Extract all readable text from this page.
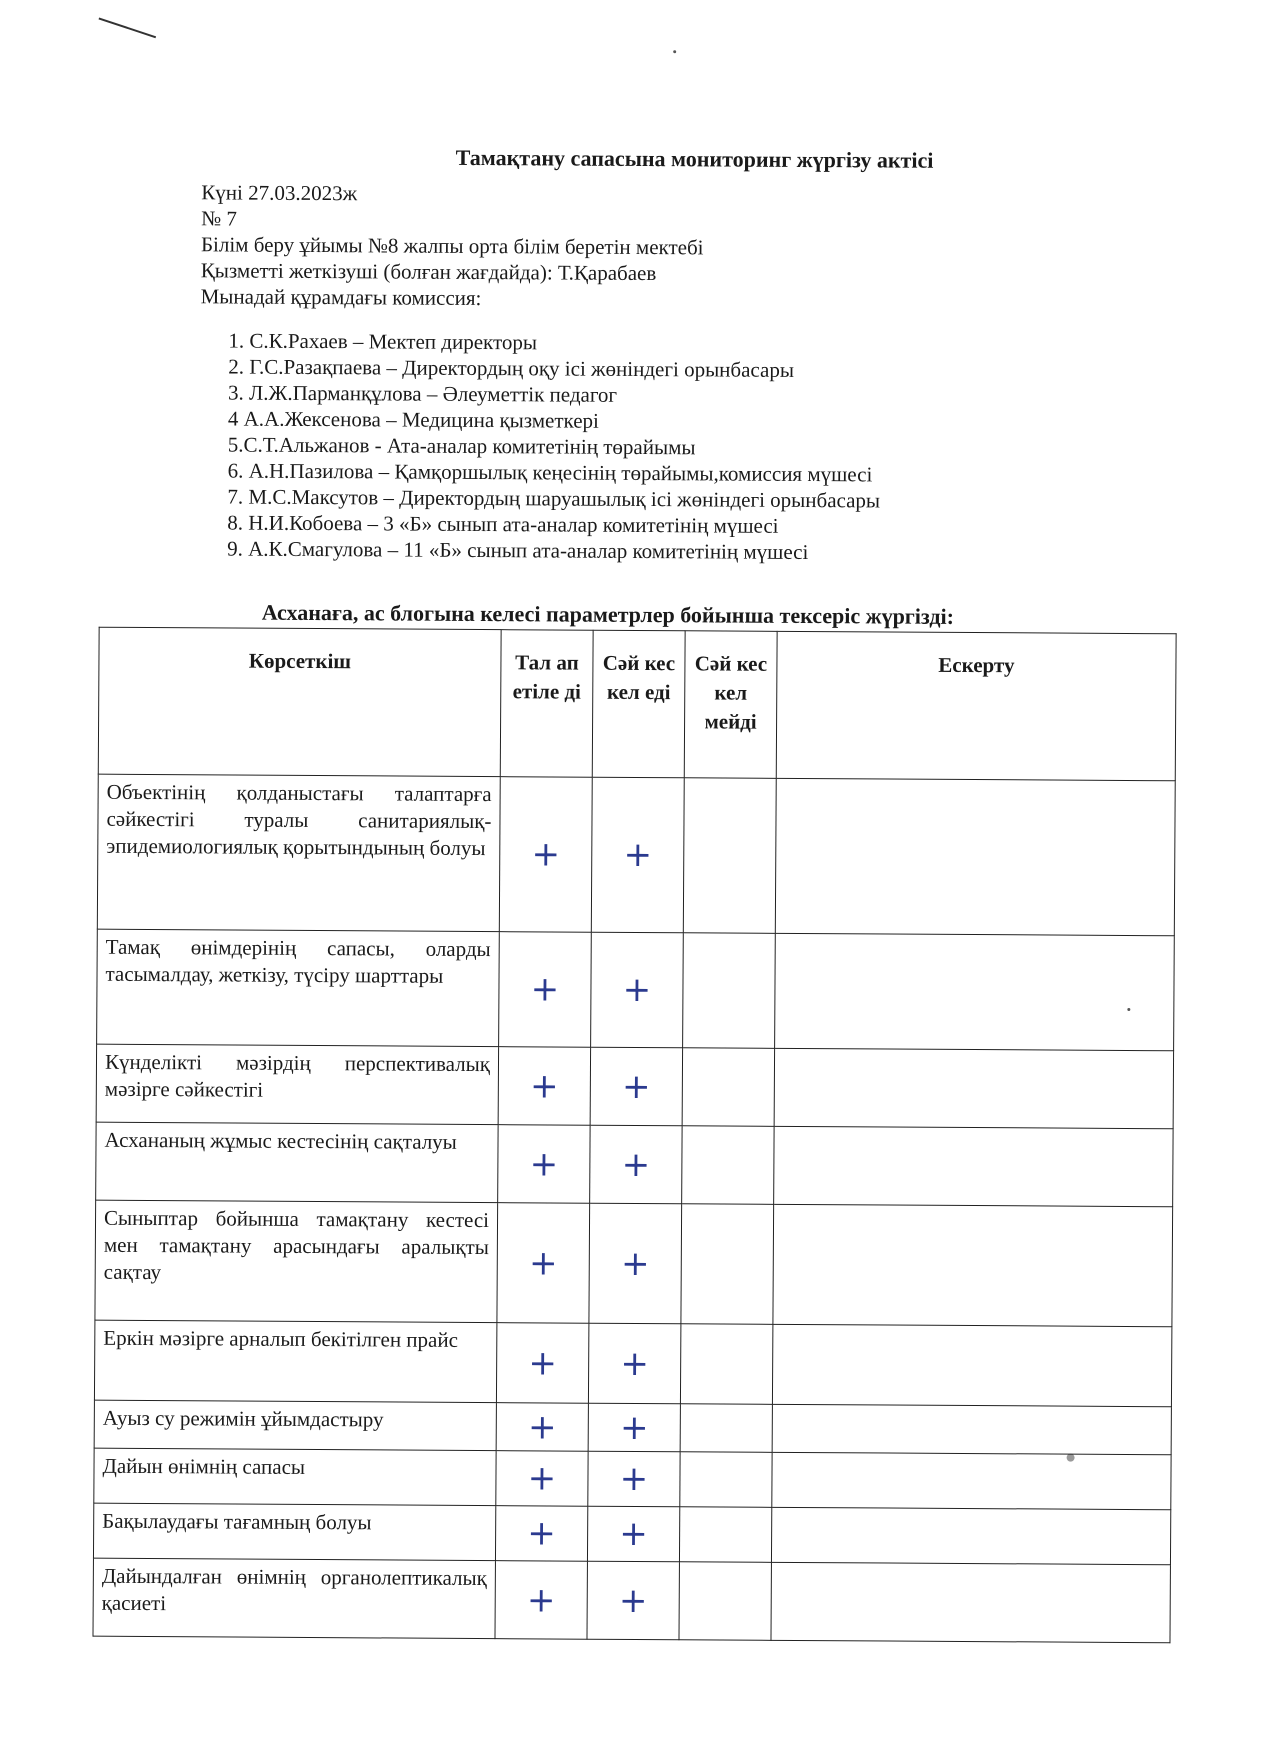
Тамақтану сапасына мониторинг жүргізу актісі
Күні 27.03.2023ж
№ 7
Білім беру ұйымы №8 жалпы орта білім беретін мектебі
Қызметті жеткізуші (болған жағдайда): Т.Қарабаев
Мынадай құрамдағы комиссия:
1. С.К.Рахаев – Мектеп директоры
2. Г.С.Разақпаева – Директордың оқу ісі жөніндегі орынбасары
3. Л.Ж.Парманқұлова – Әлеуметтік педагог
4 А.А.Жексенова – Медицина қызметкері
5.С.Т.Альжанов - Ата-аналар комитетінің төрайымы
6. А.Н.Пазилова – Қамқоршылық кеңесінің төрайымы,комиссия мүшесі
7. М.С.Максутов – Директордың шаруашылық ісі жөніндегі орынбасары
8. Н.И.Кобоева – 3 «Б» сынып ата-аналар комитетінің мүшесі
9. А.К.Смагулова – 11 «Б» сынып ата-аналар комитетінің мүшесі
Асханаға, ас блогына келесі параметрлер бойынша тексеріс жүргізді:
Көрсеткіш	Тал ап етіле ді	Сәй кес кел еді	Сәй кес кел мейді	Ескерту
Объектінің қолданыстағы талаптарға сәйкестігі туралы санитариялық-эпидемиологиялық қорытындының болуы	+	+		
Тамақ өнімдерінің сапасы, оларды тасымалдау, жеткізу, түсіру шарттары	+	+		
Күнделікті мәзірдің перспективалық мәзірге сәйкестігі	+	+		
Асхананың жұмыс кестесінің сақталуы	+	+		
Сыныптар бойынша тамақтану кестесі мен тамақтану арасындағы аралықты сақтау	+	+		
Еркін мәзірге арналып бекітілген прайс	+	+		
Ауыз су режимін ұйымдастыру	+	+		
Дайын өнімнің сапасы	+	+		
Бақылаудағы тағамның болуы	+	+		
Дайындалған өнімнің органолептикалық қасиеті	+	+		
